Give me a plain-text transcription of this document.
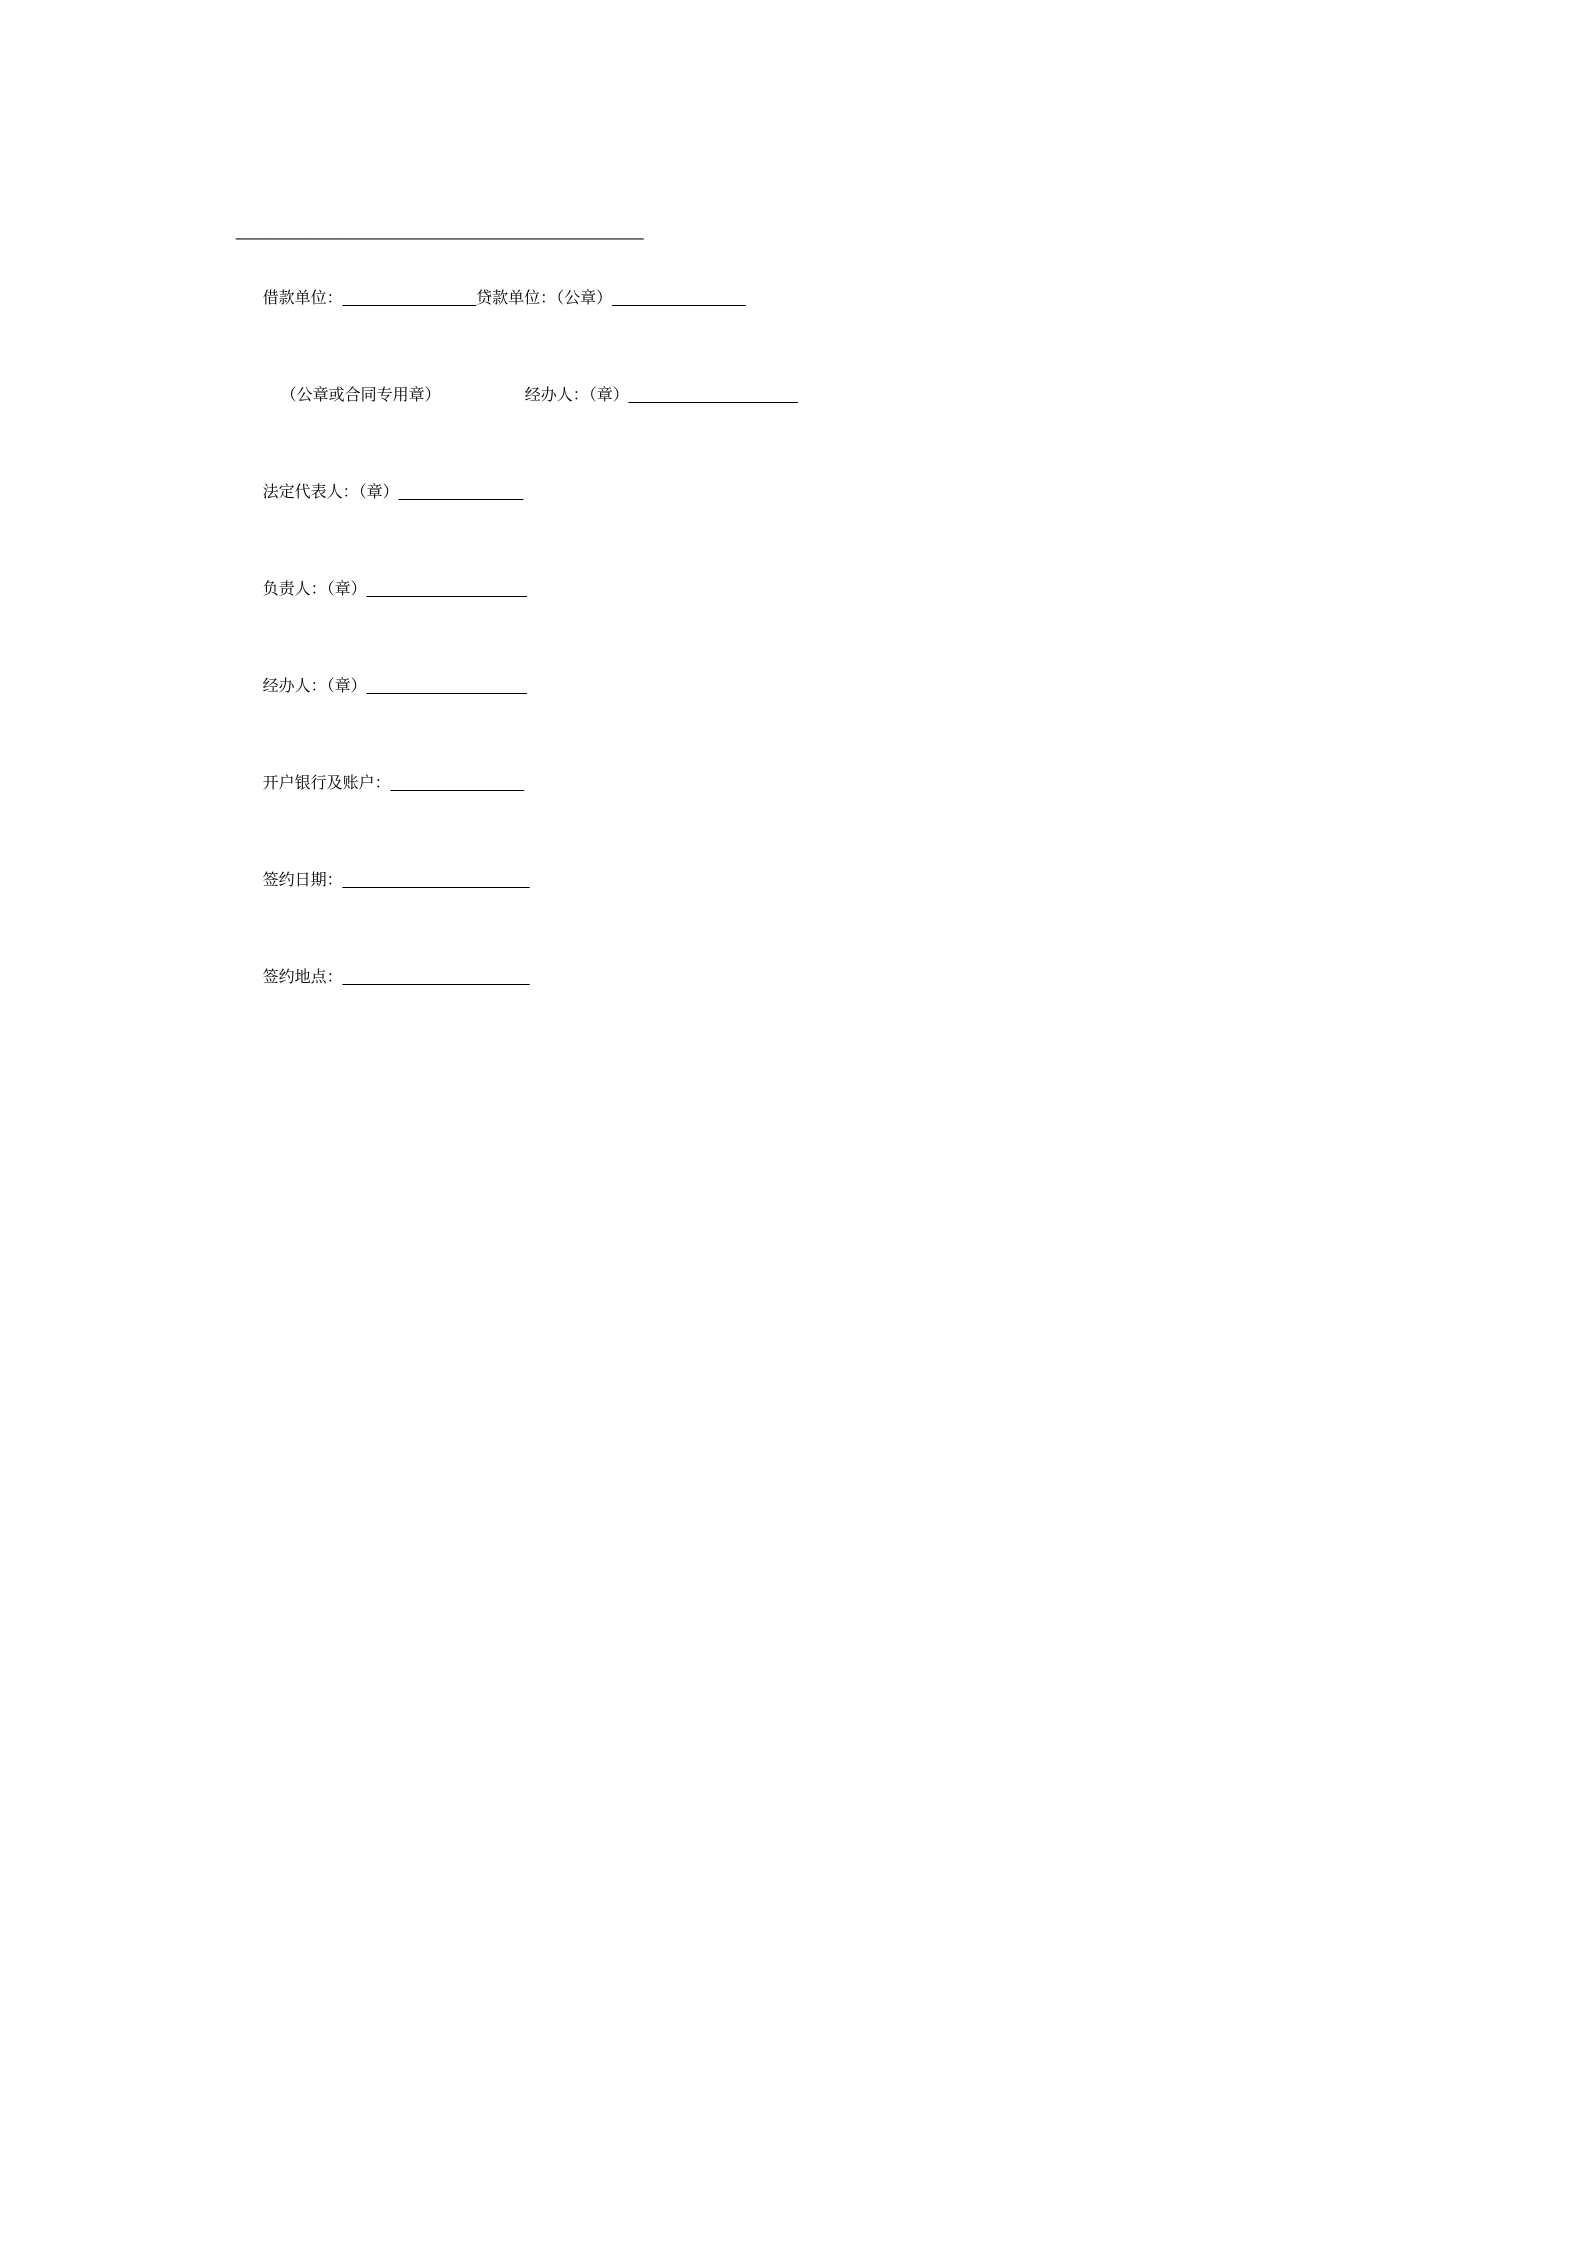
_______________________

借款单位：_______________贷款单位：（公章）_______________

（公章或合同专用章）	经办人：（章）___________________

法定代表人：（章）______________

负责人：（章）__________________

经办人：（章）__________________

开户银行及账户：_______________

签约日期：_____________________

签约地点：_____________________
